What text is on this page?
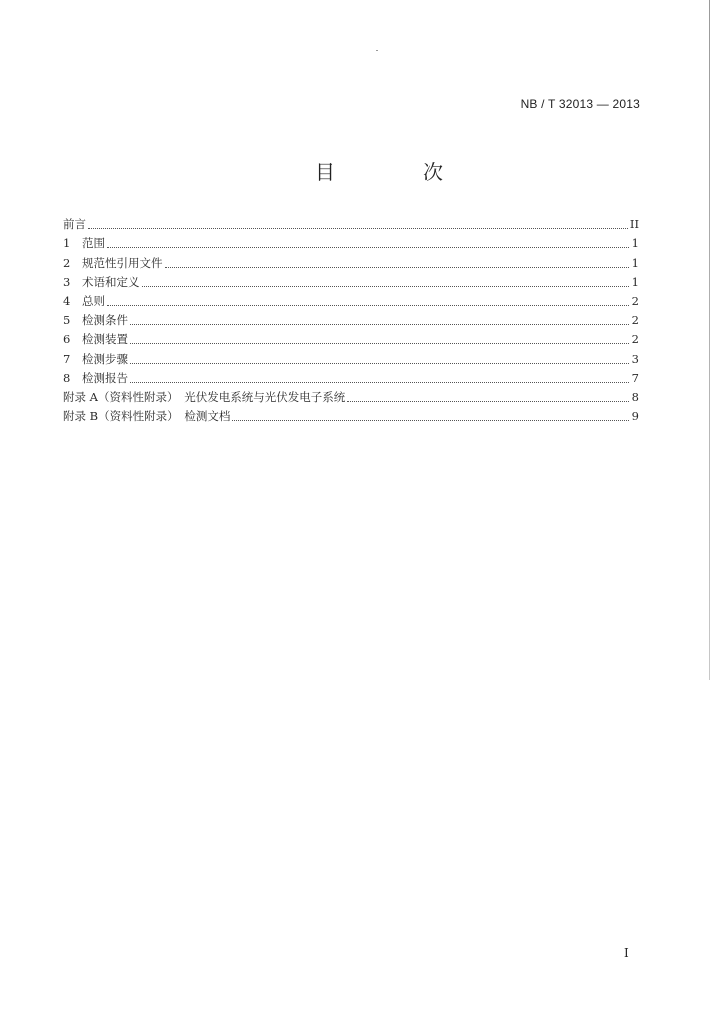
NB / T 32013 — 2013
目　次
前言	II
1	范围	1
2	规范性引用文件	1
3	术语和定义	1
4	总则	2
5	检测条件	2
6	检测装置	2
7	检测步骤	3
8	检测报告	7
附录 A（资料性附录）　光伏发电系统与光伏发电子系统	8
附录 B（资料性附录）　检测文档	9
I
